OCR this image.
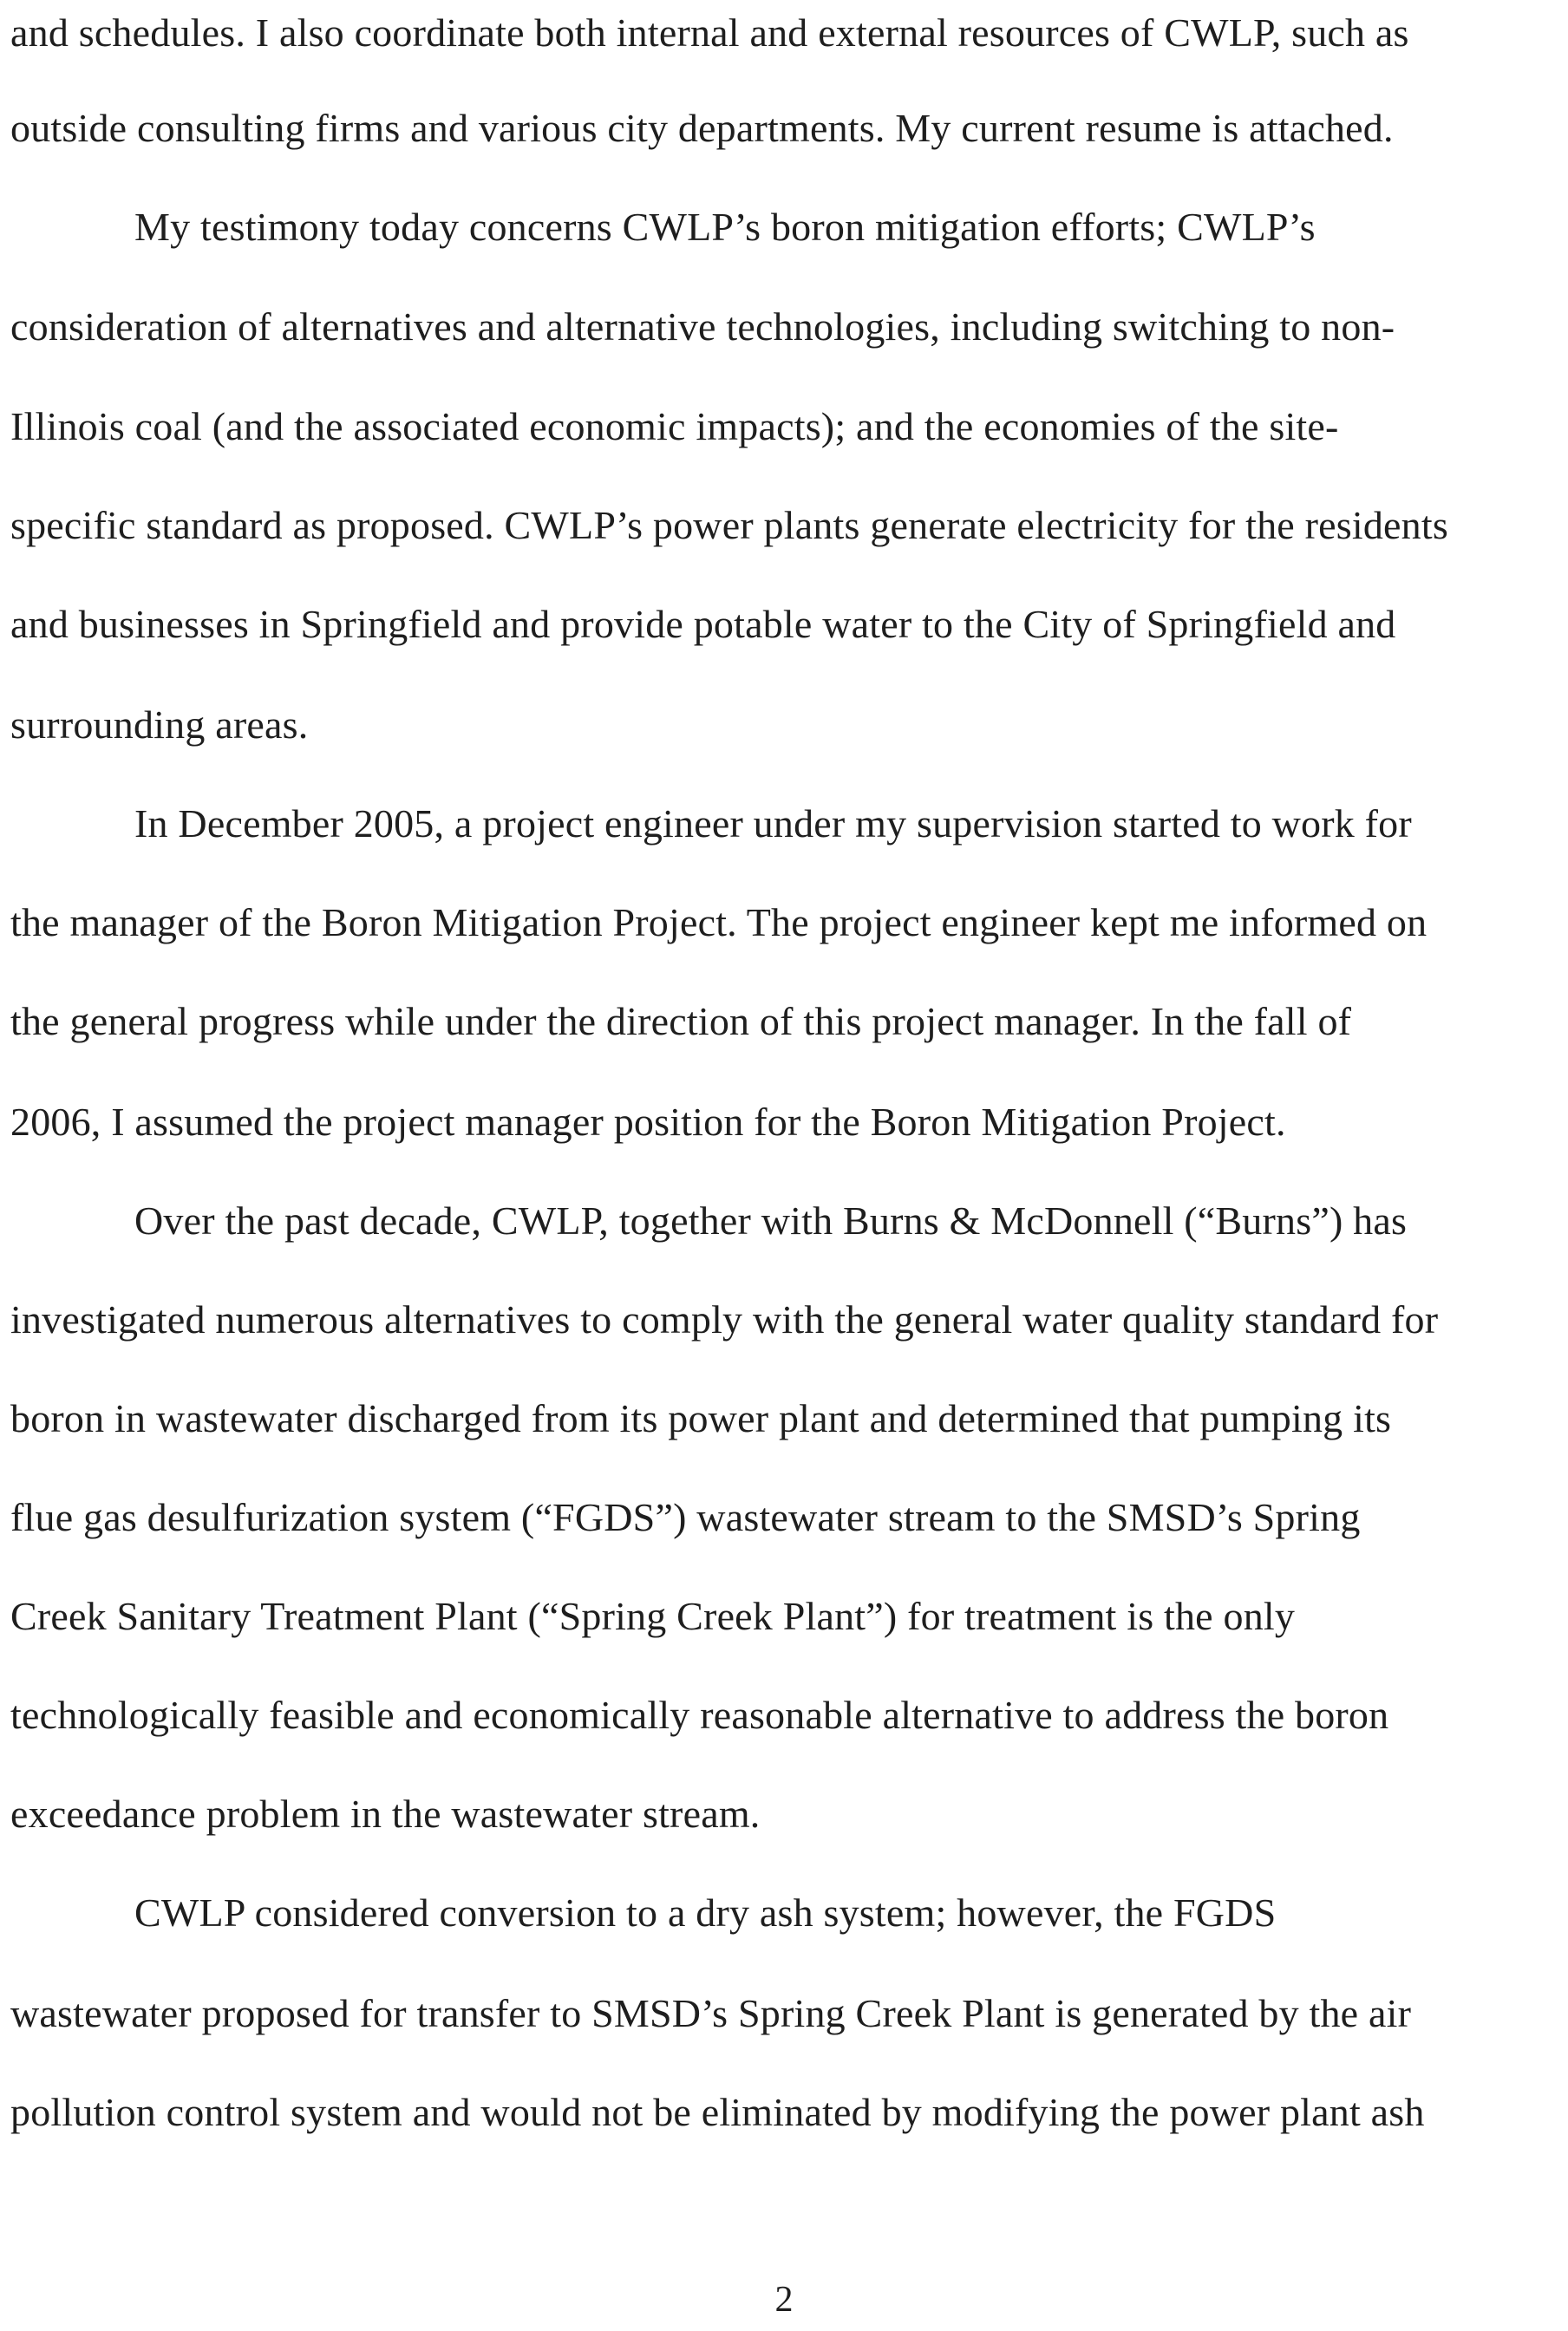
and schedules. I also coordinate both internal and external resources of CWLP, such as
outside consulting firms and various city departments. My current resume is attached.
My testimony today concerns CWLP’s boron mitigation efforts; CWLP’s
consideration of alternatives and alternative technologies, including switching to non-
Illinois coal (and the associated economic impacts); and the economies of the site-
specific standard as proposed. CWLP’s power plants generate electricity for the residents
and businesses in Springfield and provide potable water to the City of Springfield and
surrounding areas.
In December 2005, a project engineer under my supervision started to work for
the manager of the Boron Mitigation Project. The project engineer kept me informed on
the general progress while under the direction of this project manager. In the fall of
2006, I assumed the project manager position for the Boron Mitigation Project.
Over the past decade, CWLP, together with Burns & McDonnell (“Burns”) has
investigated numerous alternatives to comply with the general water quality standard for
boron in wastewater discharged from its power plant and determined that pumping its
flue gas desulfurization system (“FGDS”) wastewater stream to the SMSD’s Spring
Creek Sanitary Treatment Plant (“Spring Creek Plant”) for treatment is the only
technologically feasible and economically reasonable alternative to address the boron
exceedance problem in the wastewater stream.
CWLP considered conversion to a dry ash system; however, the FGDS
wastewater proposed for transfer to SMSD’s Spring Creek Plant is generated by the air
pollution control system and would not be eliminated by modifying the power plant ash
2
